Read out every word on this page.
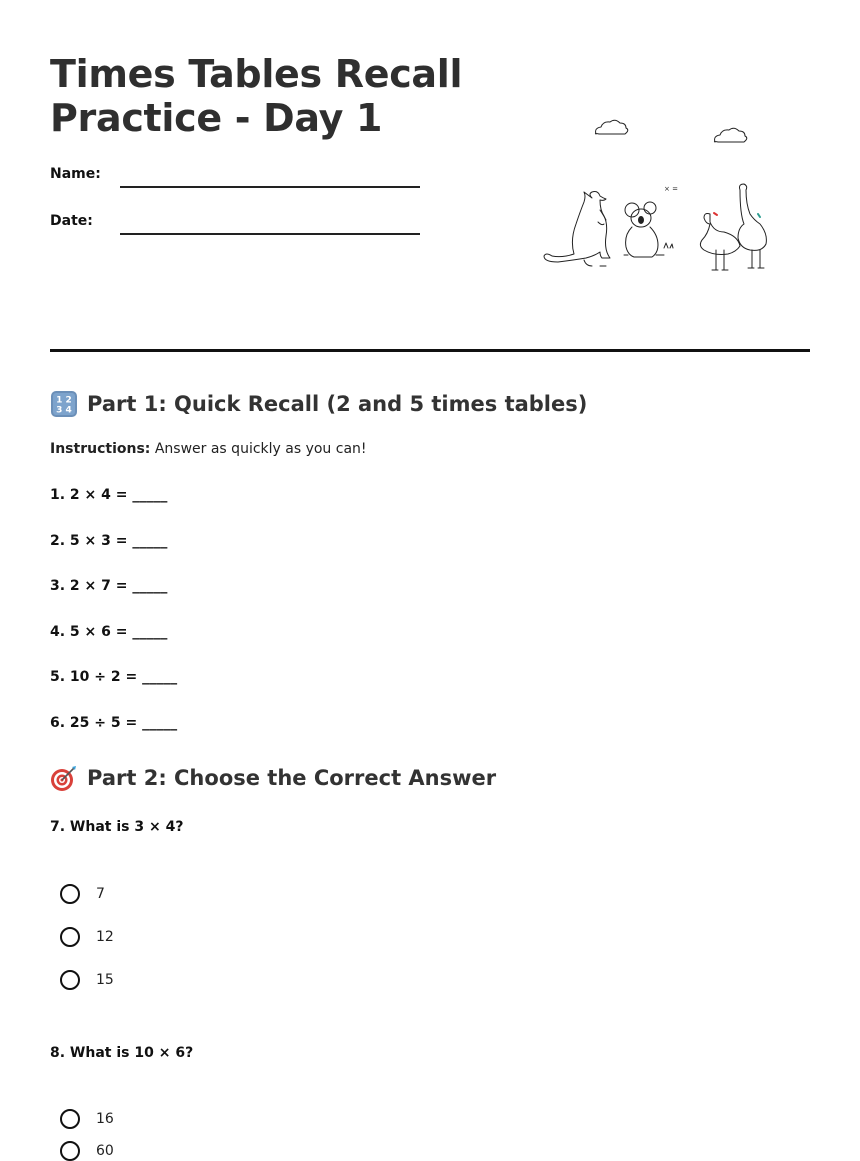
Times Tables Recall
Practice - Day 1
Name:
Date:
× =
1 2
3 4 Part 1: Quick Recall (2 and 5 times tables)
Instructions: Answer as quickly as you can!
1. 2 × 4 = _____
2. 5 × 3 = _____
3. 2 × 7 = _____
4. 5 × 6 = _____
5. 10 ÷ 2 = _____
6. 25 ÷ 5 = _____
Part 2: Choose the Correct Answer
7. What is 3 × 4?
7
12
15
8. What is 10 × 6?
16
60
